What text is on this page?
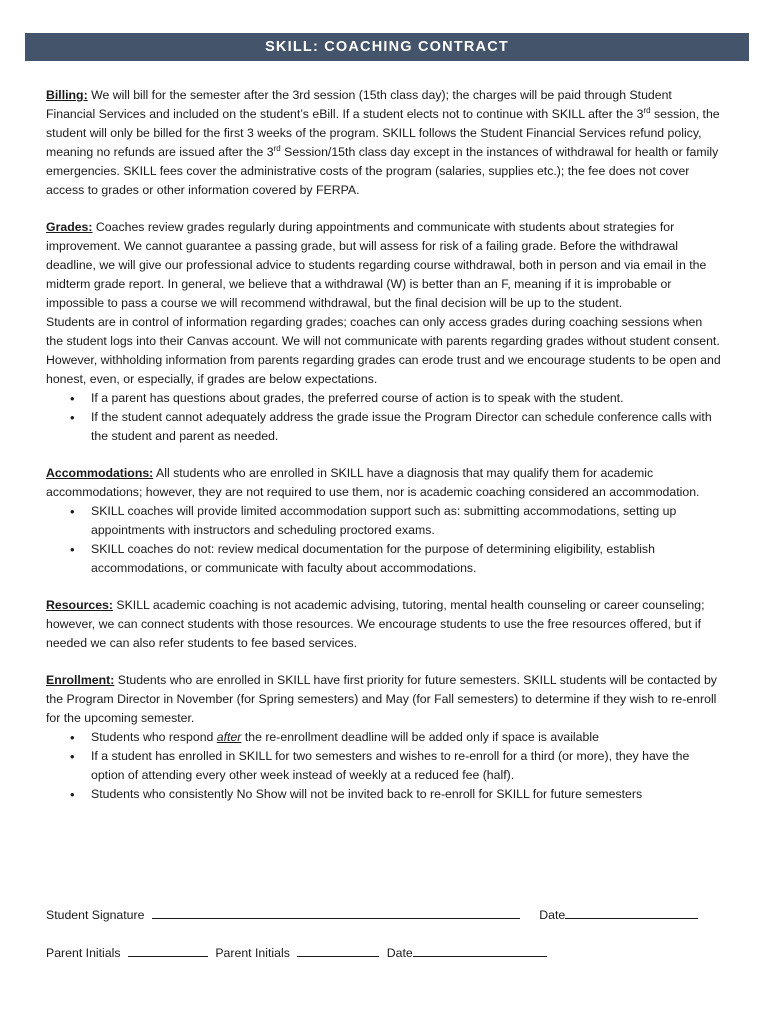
SKILL: COACHING CONTRACT

Billing: We will bill for the semester after the 3rd session (15th class day); the charges will be paid through Student Financial Services and included on the student’s eBill. If a student elects not to continue with SKILL after the 3rd session, the student will only be billed for the first 3 weeks of the program. SKILL follows the Student Financial Services refund policy, meaning no refunds are issued after the 3rd Session/15th class day except in the instances of withdrawal for health or family emergencies. SKILL fees cover the administrative costs of the program (salaries, supplies etc.); the fee does not cover access to grades or other information covered by FERPA.

Grades: Coaches review grades regularly during appointments and communicate with students about strategies for improvement. We cannot guarantee a passing grade, but will assess for risk of a failing grade. Before the withdrawal deadline, we will give our professional advice to students regarding course withdrawal, both in person and via email in the midterm grade report. In general, we believe that a withdrawal (W) is better than an F, meaning if it is improbable or impossible to pass a course we will recommend withdrawal, but the final decision will be up to the student.

Students are in control of information regarding grades; coaches can only access grades during coaching sessions when the student logs into their Canvas account. We will not communicate with parents regarding grades without student consent. However, withholding information from parents regarding grades can erode trust and we encourage students to be open and honest, even, or especially, if grades are below expectations.

• If a parent has questions about grades, the preferred course of action is to speak with the student.
• If the student cannot adequately address the grade issue the Program Director can schedule conference calls with the student and parent as needed.

Accommodations: All students who are enrolled in SKILL have a diagnosis that may qualify them for academic accommodations; however, they are not required to use them, nor is academic coaching considered an accommodation.

• SKILL coaches will provide limited accommodation support such as: submitting accommodations, setting up appointments with instructors and scheduling proctored exams.
• SKILL coaches do not: review medical documentation for the purpose of determining eligibility, establish accommodations, or communicate with faculty about accommodations.

Resources: SKILL academic coaching is not academic advising, tutoring, mental health counseling or career counseling; however, we can connect students with those resources. We encourage students to use the free resources offered, but if needed we can also refer students to fee based services.

Enrollment: Students who are enrolled in SKILL have first priority for future semesters. SKILL students will be contacted by the Program Director in November (for Spring semesters) and May (for Fall semesters) to determine if they wish to re-enroll for the upcoming semester.

• Students who respond after the re-enrollment deadline will be added only if space is available
• If a student has enrolled in SKILL for two semesters and wishes to re-enroll for a third (or more), they have the option of attending every other week instead of weekly at a reduced fee (half).
• Students who consistently No Show will not be invited back to re-enroll for SKILL for future semesters
Student Signature	Date
Parent Initials	Parent Initials	Date
